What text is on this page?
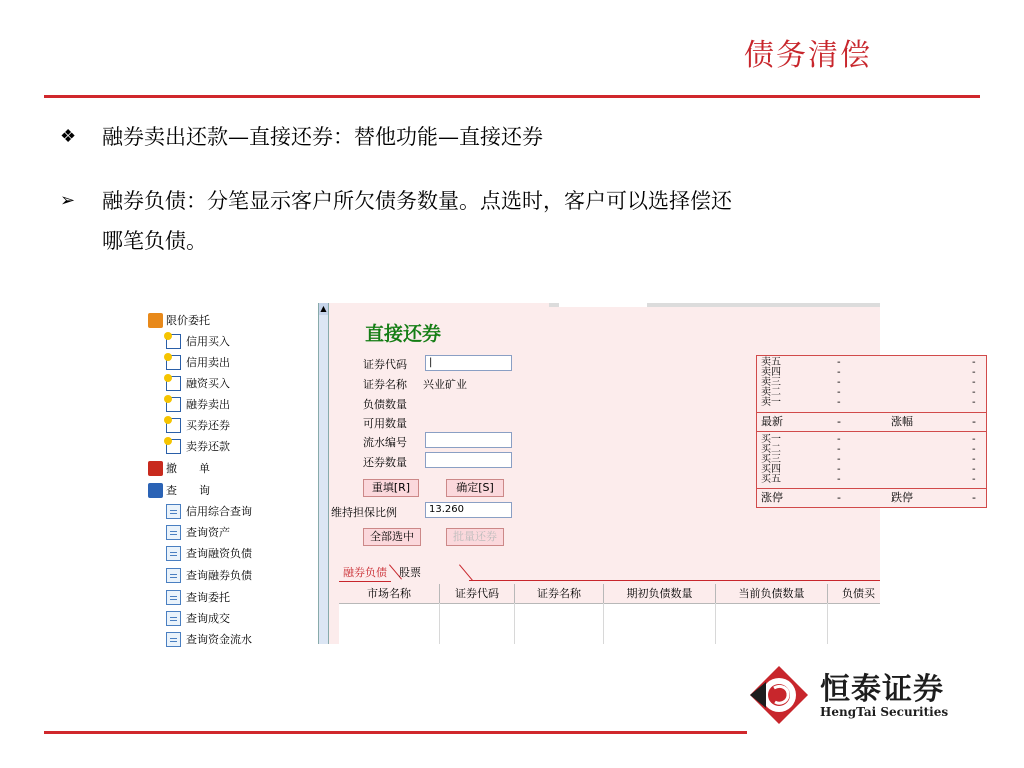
债务清偿
❖ 融券卖出还款—直接还券：替他功能—直接还券
➢ 融券负债：分笔显示客户所欠债务数量。点选时，客户可以选择偿还
哪笔负债。
限价委托
信用买入
信用卖出
融资买入
融券卖出
买券还券
卖券还款
撤　　单
查　　询
信用综合查询
查询资产
查询融资负债
查询融券负债
查询委托
查询成交
查询资金流水
▲
直接还券
证券代码	|
证券名称 兴业矿业
负债数量
可用数量
流水编号
还券数量
重填[R]	确定[S]
维持担保比例	13.260
全部选中	批量还券
卖五	-	-
卖四	-	-
卖三	-	-
卖二	-	-
卖一	-	-
最新	-	涨幅	-
买一	-	-
买二	-	-
买三	-	-
买四	-	-
买五	-	-
涨停	-	跌停	-
融券负债	股票
市场名称	证券代码	证券名称	期初负债数量	当前负债数量	负债买
恒泰证券
HengTai Securities
